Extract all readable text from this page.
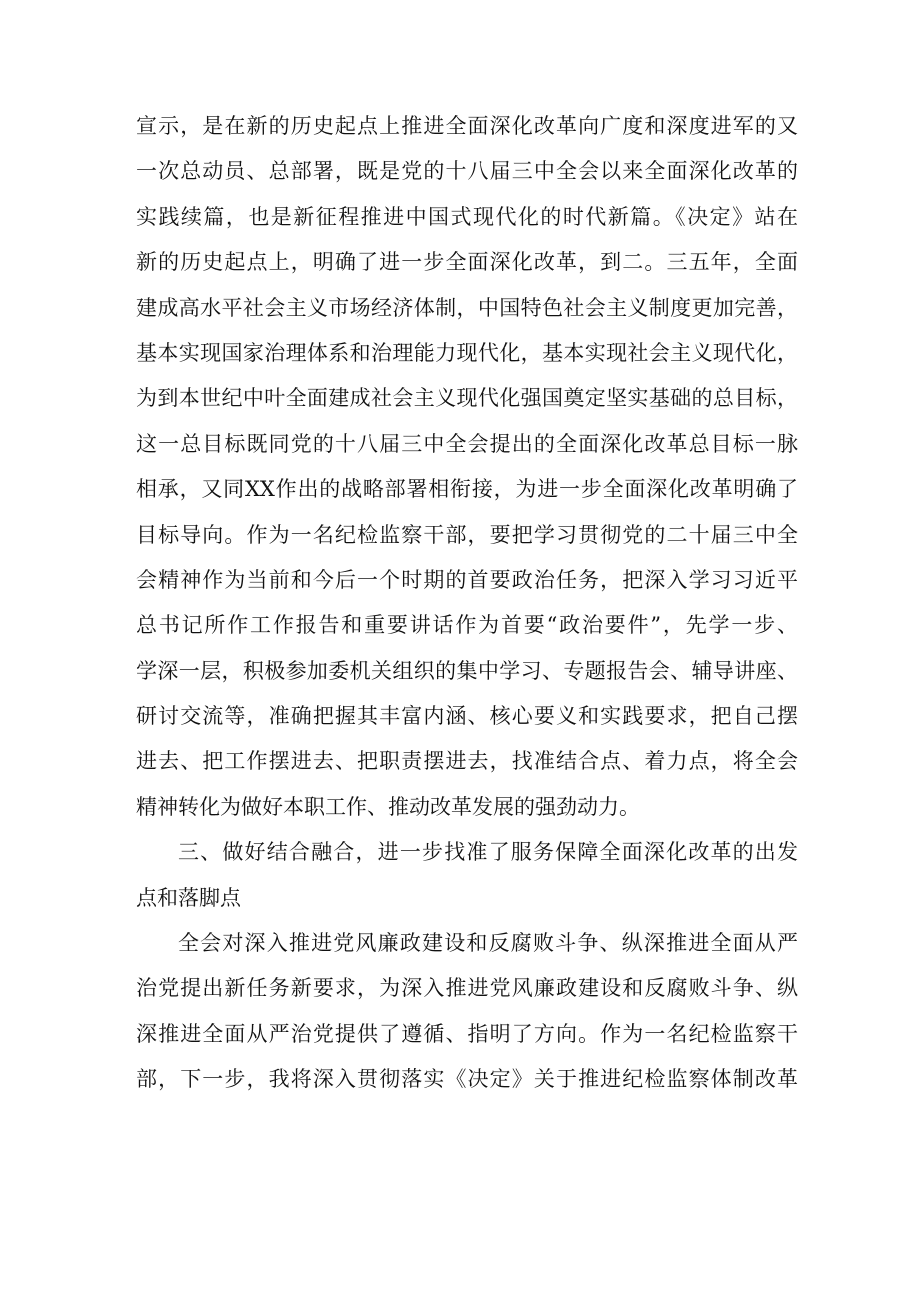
宣示，是在新的历史起点上推进全面深化改革向广度和深度进军的又
一次总动员、总部署，既是党的十八届三中全会以来全面深化改革的
实践续篇，也是新征程推进中国式现代化的时代新篇。《决定》站在
新的历史起点上，明确了进一步全面深化改革，到二。三五年，全面
建成高水平社会主义市场经济体制，中国特色社会主义制度更加完善，
基本实现国家治理体系和治理能力现代化，基本实现社会主义现代化，
为到本世纪中叶全面建成社会主义现代化强国奠定坚实基础的总目标，
这一总目标既同党的十八届三中全会提出的全面深化改革总目标一脉
相承，又同XX作出的战略部署相衔接，为进一步全面深化改革明确了
目标导向。作为一名纪检监察干部，要把学习贯彻党的二十届三中全
会精神作为当前和今后一个时期的首要政治任务，把深入学习习近平
总书记所作工作报告和重要讲话作为首要“政治要件”，先学一步、
学深一层，积极参加委机关组织的集中学习、专题报告会、辅导讲座、
研讨交流等，准确把握其丰富内涵、核心要义和实践要求，把自己摆
进去、把工作摆进去、把职责摆进去，找准结合点、着力点，将全会
精神转化为做好本职工作、推动改革发展的强劲动力。
三、做好结合融合，进一步找准了服务保障全面深化改革的出发
点和落脚点
全会对深入推进党风廉政建设和反腐败斗争、纵深推进全面从严
治党提出新任务新要求，为深入推进党风廉政建设和反腐败斗争、纵
深推进全面从严治党提供了遵循、指明了方向。作为一名纪检监察干
部，下一步，我将深入贯彻落实《决定》关于推进纪检监察体制改革
